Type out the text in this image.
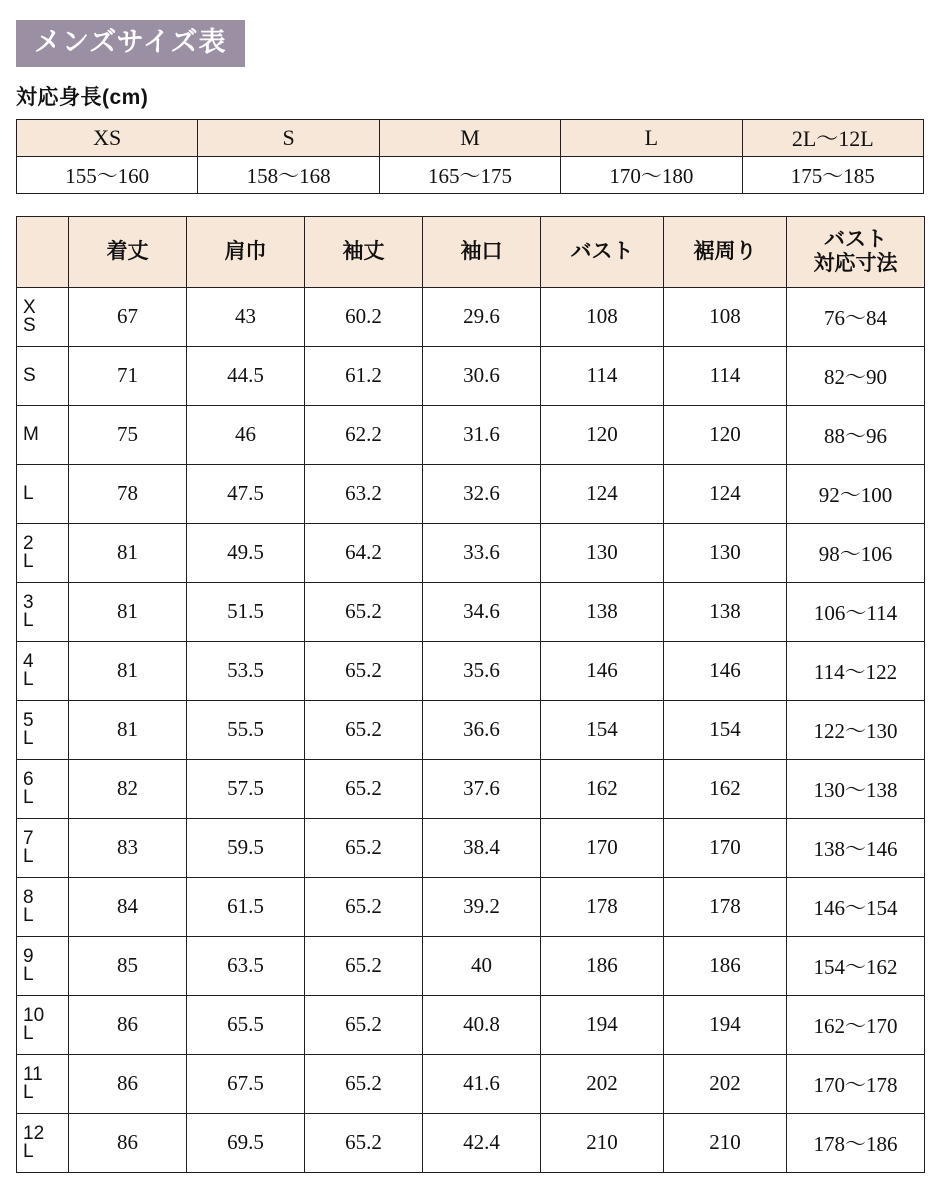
メンズサイズ表
対応身長(cm)
XS	S	M	L	2L〜12L
155〜160	158〜168	165〜175	170〜180	175〜185
	着丈	肩巾	袖丈	袖口	バスト	裾周り	バスト
対応寸法

X
S	67	43	60.2	29.6	108	108	76〜84

S	71	44.5	61.2	30.6	114	114	82〜90

M	75	46	62.2	31.6	120	120	88〜96

L	78	47.5	63.2	32.6	124	124	92〜100

2
L	81	49.5	64.2	33.6	130	130	98〜106

3
L	81	51.5	65.2	34.6	138	138	106〜114

4
L	81	53.5	65.2	35.6	146	146	114〜122

5
L	81	55.5	65.2	36.6	154	154	122〜130

6
L	82	57.5	65.2	37.6	162	162	130〜138

7
L	83	59.5	65.2	38.4	170	170	138〜146

8
L	84	61.5	65.2	39.2	178	178	146〜154

9
L	85	63.5	65.2	40	186	186	154〜162

10
L	86	65.5	65.2	40.8	194	194	162〜170

11
L	86	67.5	65.2	41.6	202	202	170〜178

12
L	86	69.5	65.2	42.4	210	210	178〜186
